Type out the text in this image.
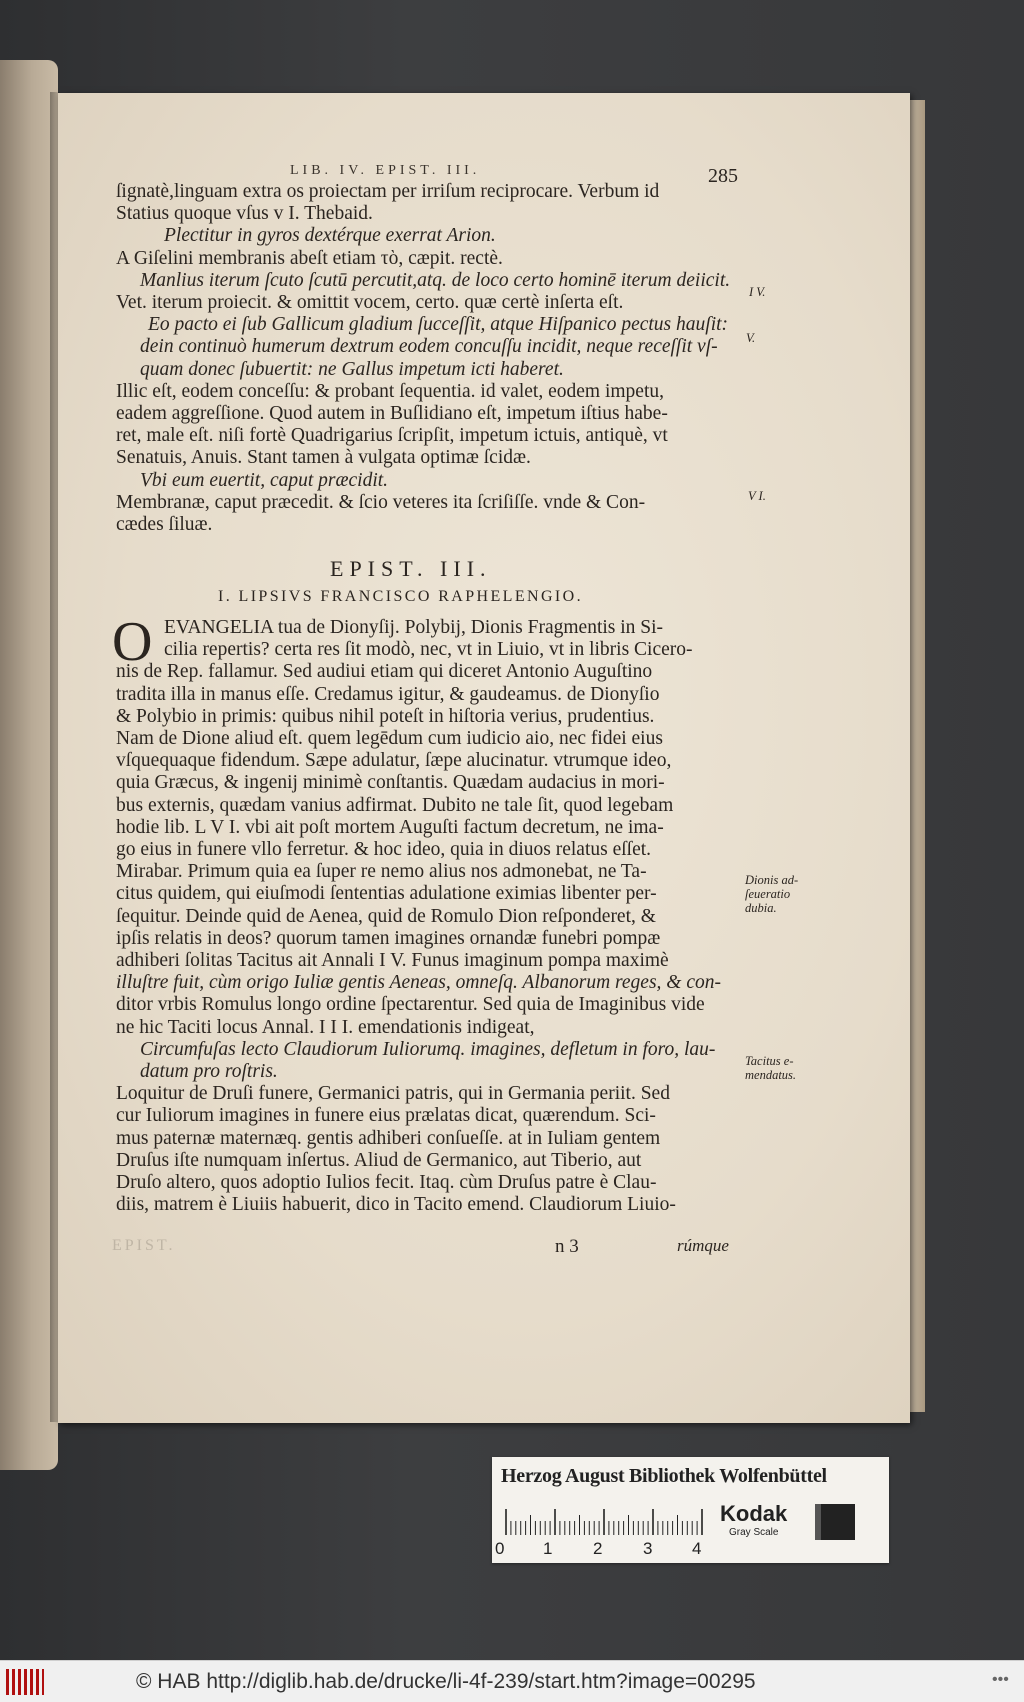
LIB. IV. EPIST. III.	285
ſignatè,linguam extra os proiectam per irriſum reciprocare. Verbum id
Statius quoque vſus v I. Thebaid.
Plectitur in gyros dextérque exerrat Arion.
A Giſelini membranis abeſt etiam τὸ, cæpit. rectè.
Manlius iterum ſcuto ſcutū percutit,atq. de loco certo hominē iterum deiicit.
Vet. iterum proiecit. & omittit vocem, certo. quæ certè inſerta eſt.
Eo pacto ei ſub Gallicum gladium ſucceſſit, atque Hiſpanico pectus hauſit:
dein continuò humerum dextrum eodem concuſſu incidit, neque receſſit vſ-
quam donec ſubuertit: ne Gallus impetum icti haberet.
Illic eſt, eodem conceſſu: & probant ſequentia. id valet, eodem impetu,
eadem aggreſſione. Quod autem in Buſlidiano eſt, impetum iſtius habe-
ret, male eſt. niſi fortè Quadrigarius ſcripſit, impetum ictuis, antiquè, vt
Senatuis, Anuis. Stant tamen à vulgata optimæ ſcidæ.
Vbi eum euertit, caput præcidit.
Membranæ, caput præcedit. & ſcio veteres ita ſcriſiſſe. vnde & Con-
cædes ſiluæ.
EPIST. III.
I. LIPSIVS FRANCISCO RAPHELENGIO.
O EVANGELIA tua de Dionyſij. Polybij, Dionis Fragmentis in Si-
cilia repertis? certa res ſit modò, nec, vt in Liuio, vt in libris Cicero-
nis de Rep. fallamur. Sed audiui etiam qui diceret Antonio Auguſtino
tradita illa in manus eſſe. Credamus igitur, & gaudeamus. de Dionyſio
& Polybio in primis: quibus nihil poteſt in hiſtoria verius, prudentius.
Nam de Dione aliud eſt. quem legēdum cum iudicio aio, nec fidei eius
vſquequaque fidendum. Sæpe adulatur, ſæpe alucinatur. vtrumque ideo,
quia Græcus, & ingenij minimè conſtantis. Quædam audacius in mori-
bus externis, quædam vanius adfirmat. Dubito ne tale ſit, quod legebam
hodie lib. L V I. vbi ait poſt mortem Auguſti factum decretum, ne ima-
go eius in funere vllo ferretur. & hoc ideo, quia in diuos relatus eſſet.
Mirabar. Primum quia ea ſuper re nemo alius nos admonebat, ne Ta-
citus quidem, qui eiuſmodi ſententias adulatione eximias libenter per-
ſequitur. Deinde quid de Aenea, quid de Romulo Dion reſponderet, &
ipſis relatis in deos? quorum tamen imagines ornandæ funebri pompæ
adhiberi ſolitas Tacitus ait Annali I V. Funus imaginum pompa maximè
illuſtre fuit, cùm origo Iuliæ gentis Aeneas, omneſq. Albanorum reges, & con-
ditor vrbis Romulus longo ordine ſpectarentur. Sed quia de Imaginibus vide
ne hic Taciti locus Annal. I I I. emendationis indigeat,
Circumfuſas lecto Claudiorum Iuliorumq. imagines, defletum in foro, lau-
datum pro roſtris.
Loquitur de Druſi funere, Germanici patris, qui in Germania periit. Sed
cur Iuliorum imagines in funere eius prælatas dicat, quærendum. Sci-
mus paternæ maternæq. gentis adhiberi conſueſſe. at in Iuliam gentem
Druſus iſte numquam inſertus. Aliud de Germanico, aut Tiberio, aut
Druſo altero, quos adoptio Iulios fecit. Itaq. cùm Druſus patre è Clau-
diis, matrem è Liuiis habuerit, dico in Tacito emend. Claudiorum Liuio-
I V.
V.
V I.
Dionis ad-
ſeueratio
dubia.
Tacitus e-
mendatus.
EPIST.	n 3	rúmque
Herzog August Bibliothek Wolfenbüttel
0 1 2 3 4
Kodak
Gray Scale
© HAB http://diglib.hab.de/drucke/li-4f-239/start.htm?image=00295	•••
